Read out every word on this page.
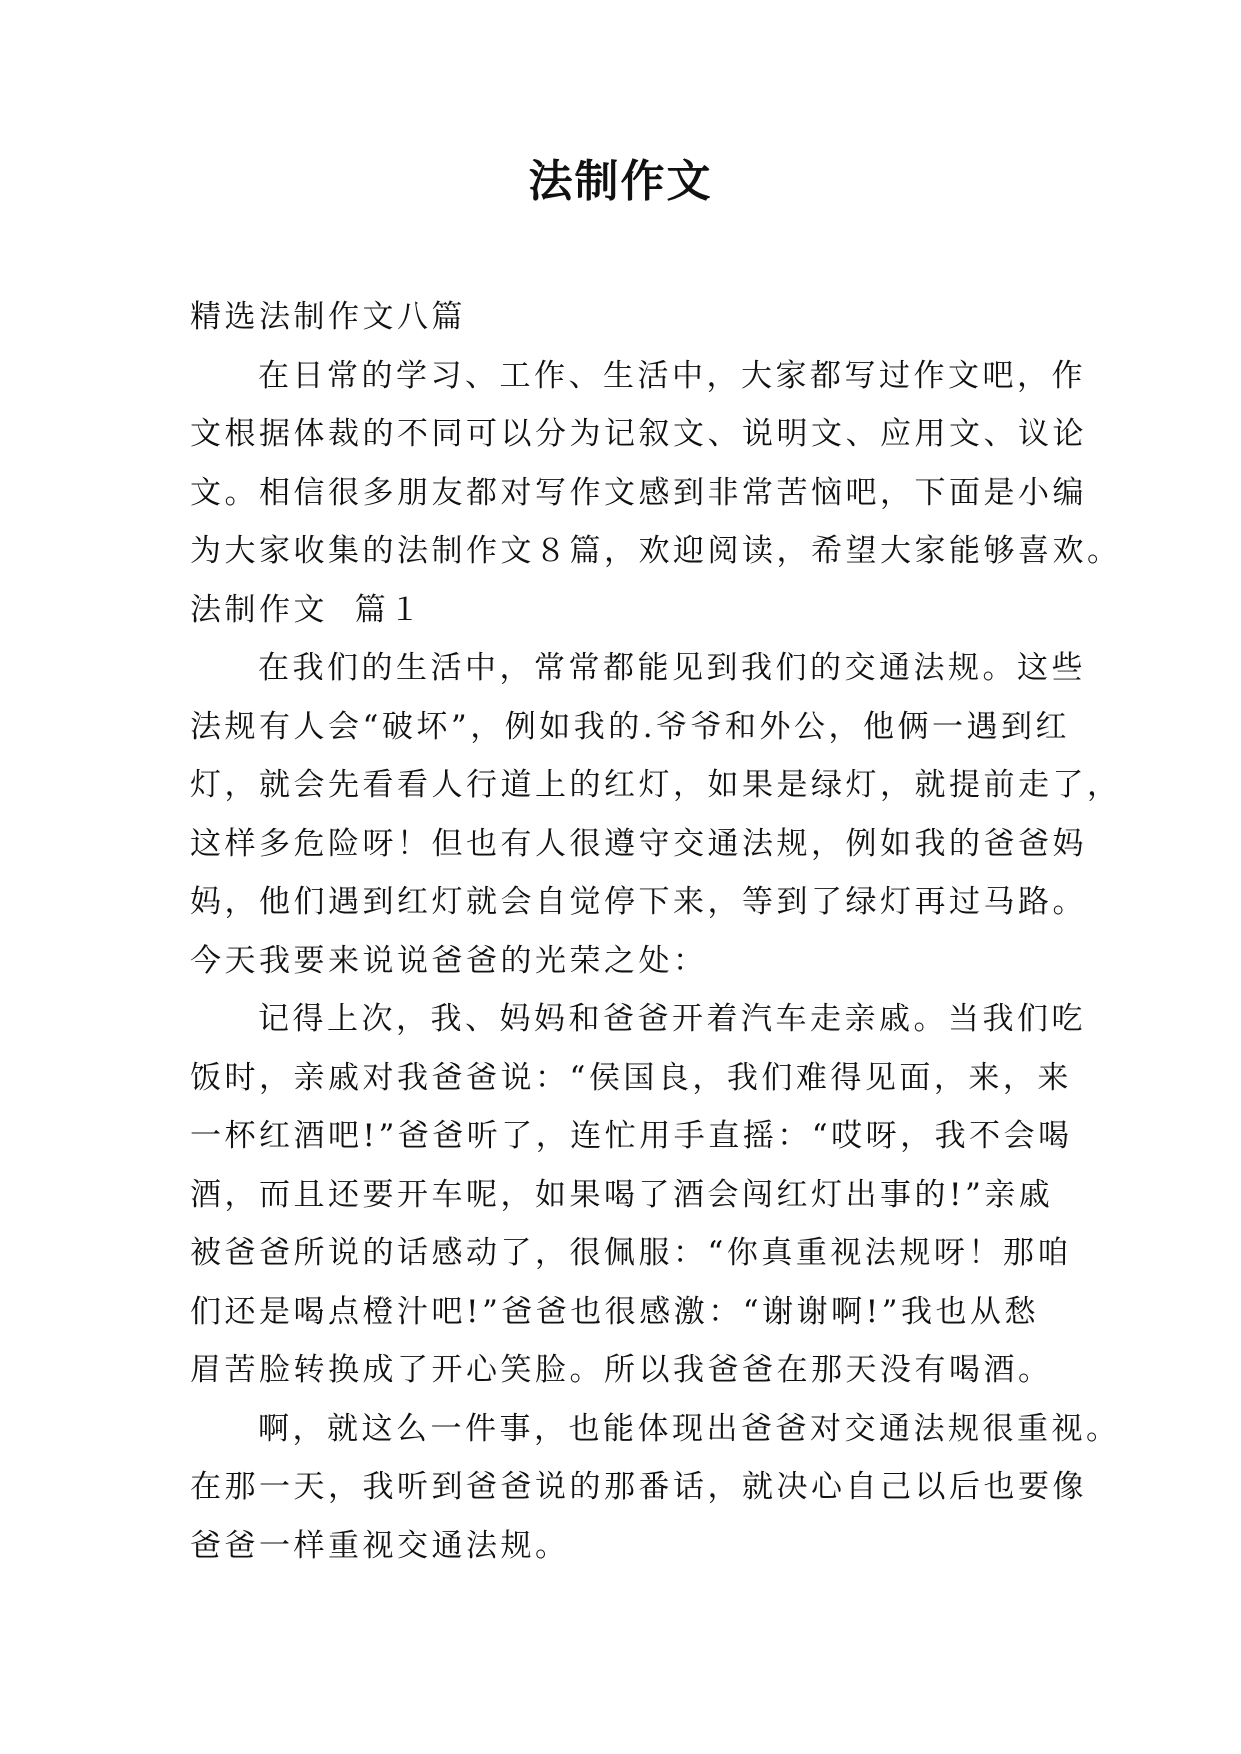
法制作文
精选法制作文八篇
在日常的学习、工作、生活中，大家都写过作文吧，作
文根据体裁的不同可以分为记叙文、说明文、应用文、议论
文。相信很多朋友都对写作文感到非常苦恼吧，下面是小编
为大家收集的法制作文８篇，欢迎阅读，希望大家能够喜欢。
法制作文  篇１
在我们的生活中，常常都能见到我们的交通法规。这些
法规有人会“破坏”，例如我的.爷爷和外公，他俩一遇到红
灯，就会先看看人行道上的红灯，如果是绿灯，就提前走了，
这样多危险呀！但也有人很遵守交通法规，例如我的爸爸妈
妈，他们遇到红灯就会自觉停下来，等到了绿灯再过马路。
今天我要来说说爸爸的光荣之处：
记得上次，我、妈妈和爸爸开着汽车走亲戚。当我们吃
饭时，亲戚对我爸爸说：“侯国良，我们难得见面，来，来
一杯红酒吧!”爸爸听了，连忙用手直摇：“哎呀，我不会喝
酒，而且还要开车呢，如果喝了酒会闯红灯出事的!”亲戚
被爸爸所说的话感动了，很佩服：“你真重视法规呀！那咱
们还是喝点橙汁吧!”爸爸也很感激：“谢谢啊!”我也从愁
眉苦脸转换成了开心笑脸。所以我爸爸在那天没有喝酒。
啊，就这么一件事，也能体现出爸爸对交通法规很重视。
在那一天，我听到爸爸说的那番话，就决心自己以后也要像
爸爸一样重视交通法规。
